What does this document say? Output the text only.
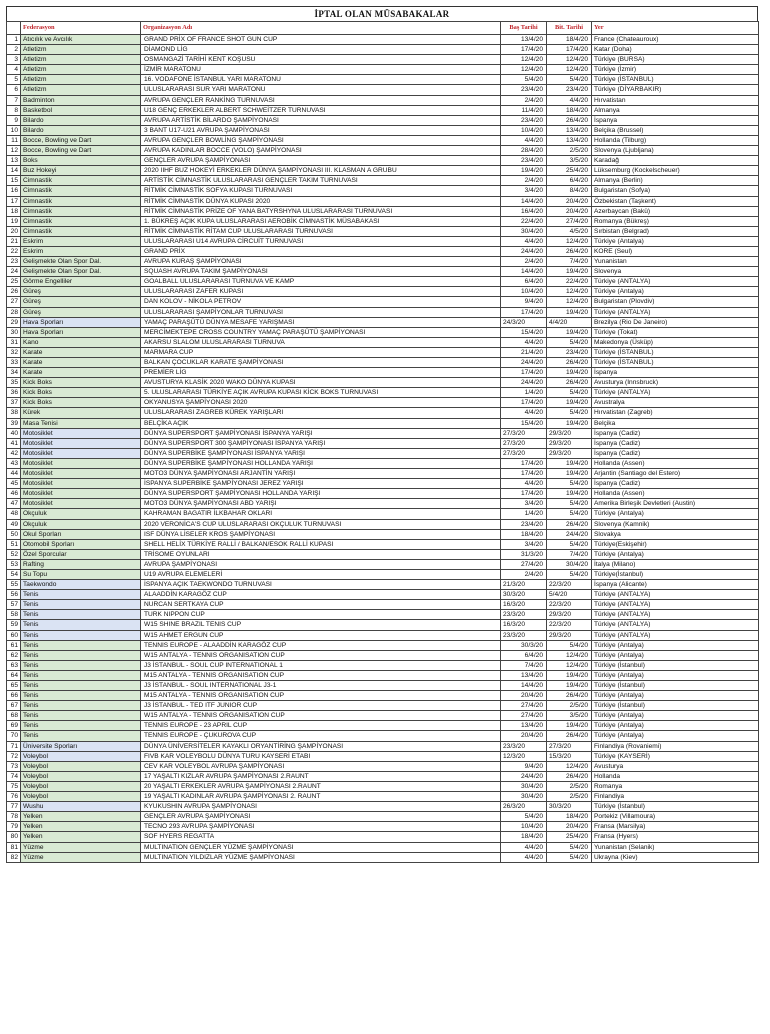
İPTAL OLAN MÜSABAKALAR
	Federasyon	Organizasyon Adı	Baş Tarihi	Bit. Tarihi	Yer
1	Atıcılık ve Avcılık	GRAND PRİX OF FRANCE SHOT GUN CUP	13/4/20	18/4/20	France (Chateauroux)
2	Atletizm	DİAMOND LİG	17/4/20	17/4/20	Katar (Doha)
3	Atletizm	OSMANGAZİ TARİHİ KENT KOŞUSU	12/4/20	12/4/20	Türkiye (BURSA)
4	Atletizm	İZMİR MARATONU	12/4/20	12/4/20	Türkiye (İzmir)
5	Atletizm	16. VODAFONE İSTANBUL YARI MARATONU	5/4/20	5/4/20	Türkiye (İSTANBUL)
6	Atletizm	ULUSLARARASI SUR YARI MARATONU	23/4/20	23/4/20	Türkiye (DİYARBAKIR)
7	Badminton	AVRUPA GENÇLER RANKİNG TURNUVASI	2/4/20	4/4/20	Hırvatistan
8	Basketbol	U18 GENÇ ERKEKLER ALBERT SCHWEİTZER TURNUVASI	11/4/20	18/4/20	Almanya
9	Bilardo	AVRUPA ARTİSTİK BİLARDO ŞAMPİYONASI	23/4/20	26/4/20	İspanya
10	Bilardo	3 BANT U17-U21 AVRUPA ŞAMPİYONASI	10/4/20	13/4/20	Belçika (Brussel)
11	Bocce, Bowling ve Dart	AVRUPA GENÇLER BOWLİNG ŞAMPİYONASI	4/4/20	13/4/20	Hollanda (Tilburg)
12	Bocce, Bowling ve Dart	AVRUPA KADINLAR BOCCE (VOLO) ŞAMPİYONASI	28/4/20	2/5/20	Slovenya (Ljubljana)
13	Boks	GENÇLER AVRUPA ŞAMPİYONASI	23/4/20	3/5/20	Karadağ
14	Buz Hokeyi	2020 IIHF BUZ HOKEYİ ERKEKLER DÜNYA ŞAMPİYONASI III. KLASMAN A GRUBU	19/4/20	25/4/20	Lüksemburg (Kockelscheuer)
15	Cimnastik	ARTİSTİK CİMNASTİK ULUSLARARASI GENÇLER TAKIM TURNUVASI	2/4/20	6/4/20	Almanya (Berlin)
16	Cimnastik	RİTMİK CİMNASTİK SOFYA KUPASI TURNUVASI	3/4/20	8/4/20	Bulgaristan (Sofya)
17	Cimnastik	RİTMİK CİMNASTİK DÜNYA KUPASI 2020	14/4/20	20/4/20	Özbekistan (Taşkent)
18	Cimnastik	RİTMİK CİMNASTİK PRİZE OF YANA BATYRSHYNA ULUSLARARASI TURNUVASI	16/4/20	20/4/20	Azerbaycan (Bakü)
19	Cimnastik	1. BÜKREŞ AÇIK KUPA ULUSLARARASI AEROBİK CİMNASTİK MÜSABAKASI	22/4/20	27/4/20	Romanya (Bükreş)
20	Cimnastik	RİTMİK CİMNASTİK RİTAM CUP ULUSLARARASI TURNUVASI	30/4/20	4/5/20	Sırbistan (Belgrad)
21	Eskrim	ULUSLARARASI U14 AVRUPA CİRCUİT TURNUVASI	4/4/20	12/4/20	Türkiye (Antalya)
22	Eskrim	GRAND PRİX	24/4/20	26/4/20	KORE (Seul)
23	Gelişmekte Olan Spor Dal.	AVRUPA KURAŞ ŞAMPİYONASI	2/4/20	7/4/20	Yunanistan
24	Gelişmekte Olan Spor Dal.	SQUASH AVRUPA TAKIM ŞAMPİYONASI	14/4/20	19/4/20	Slovenya
25	Görme Engelliler	GOALBALL ULUSLARARASI TURNUVA VE KAMP	6/4/20	22/4/20	Türkiye (ANTALYA)
26	Güreş	ULUSLARARASI ZAFER KUPASI	10/4/20	12/4/20	Türkiye (Antalya)
27	Güreş	DAN KOLOV - NİKOLA PETROV	9/4/20	12/4/20	Bulgaristan (Plovdiv)
28	Güreş	ULUSLARARASI ŞAMPİYONLAR TURNUVASI	17/4/20	19/4/20	Türkiye (ANTALYA)
29	Hava Sporları	YAMAÇ PARAŞÜTÜ DÜNYA MESAFE YARIŞMASI	24/3/20	4/4/20	Brezilya (Rio De Janeiro)
30	Hava Sporları	MERCİMEKTEPE CROSS COUNTRY YAMAÇ PARAŞÜTÜ ŞAMPİYONASI	15/4/20	19/4/20	Türkiye (Tokat)
31	Kano	AKARSU SLALOM ULUSLARARASI TURNUVA	4/4/20	5/4/20	Makedonya (Üsküp)
32	Karate	MARMARA CUP	21/4/20	23/4/20	Türkiye (İSTANBUL)
33	Karate	BALKAN ÇOCUKLAR KARATE ŞAMPİYONASI	24/4/20	26/4/20	Türkiye (İSTANBUL)
34	Karate	PREMİER LİG	17/4/20	19/4/20	İspanya
35	Kick Boks	AVUSTURYA KLASİK 2020 WAKO DÜNYA KUPASI	24/4/20	26/4/20	Avusturya (Innsbruck)
36	Kick Boks	5. ULUSLARARASI TÜRKİYE AÇIK AVRUPA KUPASI KİCK BOKS TURNUVASI	1/4/20	5/4/20	Türkiye (ANTALYA)
37	Kick Boks	OKYANUSYA ŞAMPİYONASI 2020	17/4/20	19/4/20	Avustralya
38	Kürek	ULUSLARARASI ZAGREB KÜREK YARIŞLARI	4/4/20	5/4/20	Hırvatistan (Zagreb)
39	Masa Tenisi	BELÇİKA AÇIK	15/4/20	19/4/20	Belçika
40	Motosiklet	DÜNYA SUPERSPORT ŞAMPİYONASI İSPANYA YARIŞI	27/3/20	29/3/20	İspanya (Cadiz)
41	Motosiklet	DÜNYA SUPERSPORT 300 ŞAMPİYONASI İSPANYA YARIŞI	27/3/20	29/3/20	İspanya (Cadiz)
42	Motosiklet	DÜNYA SUPERBİKE ŞAMPİYONASI İSPANYA YARIŞI	27/3/20	29/3/20	İspanya (Cadiz)
43	Motosiklet	DÜNYA SUPERBİKE ŞAMPİYONASI HOLLANDA YARIŞI	17/4/20	19/4/20	Hollanda (Assen)
44	Motosiklet	MOTO3 DÜNYA ŞAMPİYONASI ARJANTİN YARIŞI	17/4/20	19/4/20	Arjantin (Santiago del Estero)
45	Motosiklet	İSPANYA SUPERBİKE ŞAMPİYONASI JEREZ YARIŞI	4/4/20	5/4/20	İspanya (Cadiz)
46	Motosiklet	DÜNYA SUPERSPORT ŞAMPİYONASI HOLLANDA YARIŞI	17/4/20	19/4/20	Hollanda (Assen)
47	Motosiklet	MOTO3 DÜNYA ŞAMPİYONASI ABD YARIŞI	3/4/20	5/4/20	Amerika Birleşik Devletleri (Austin)
48	Okçuluk	KAHRAMAN BAGATIR İLKBAHAR OKLARI	1/4/20	5/4/20	Türkiye (Antalya)
49	Okçuluk	2020 VERONİCA'S CUP ULUSLARARASI OKÇULUK TURNUVASI	23/4/20	26/4/20	Slovenya (Kamnik)
50	Okul Sporları	ISF DÜNYA LİSELER KROS ŞAMPİYONASI	18/4/20	24/4/20	Slovakya
51	Otomobil Sporları	SHELL HELİX TÜRKİYE RALLİ / BALKAN/ESOK RALLİ KUPASI	3/4/20	5/4/20	Türkiye(Eskişehir)
52	Özel Sporcular	TRİSOME OYUNLARI	31/3/20	7/4/20	Türkiye (Antalya)
53	Rafting	AVRUPA ŞAMPİYONASI	27/4/20	30/4/20	İtalya (Milano)
54	Su Topu	U19 AVRUPA ELEMELERİ	2/4/20	5/4/20	Türkiye(İstanbul)
55	Taekwondo	İSPANYA AÇIK TAEKWONDO TURNUVASI	21/3/20	22/3/20	İspanya (Alicante)
56	Tenis	ALAADDİN KARAGÖZ CUP	30/3/20	5/4/20	Türkiye (ANTALYA)
57	Tenis	NURCAN SERTKAYA CUP	16/3/20	22/3/20	Türkiye (ANTALYA)
58	Tenis	TURK NIPPON CUP	23/3/20	29/3/20	Türkiye (ANTALYA)
59	Tenis	W15 SHINE BRAZIL TENIS CUP	16/3/20	22/3/20	Türkiye (ANTALYA)
60	Tenis	W15 AHMET ERGUN CUP	23/3/20	29/3/20	Türkiye (ANTALYA)
61	Tenis	TENNIS EUROPE - ALAADDİN KARAGÖZ CUP	30/3/20	5/4/20	Türkiye (Antalya)
62	Tenis	W15 ANTALYA - TENNIS ORGANISATION CUP	6/4/20	12/4/20	Türkiye (Antalya)
63	Tenis	J3 İSTANBUL - SOUL CUP INTERNATIONAL 1	7/4/20	12/4/20	Türkiye (İstanbul)
64	Tenis	M15 ANTALYA - TENNIS ORGANISATION CUP	13/4/20	19/4/20	Türkiye (Antalya)
65	Tenis	J3 İSTANBUL - SOUL INTERNATIONAL J3-1	14/4/20	19/4/20	Türkiye (İstanbul)
66	Tenis	M15 ANTALYA - TENNIS ORGANISATION CUP	20/4/20	26/4/20	Türkiye (Antalya)
67	Tenis	J3 İSTANBUL - TED ITF JUNIOR CUP	27/4/20	2/5/20	Türkiye (İstanbul)
68	Tenis	W15 ANTALYA - TENNIS ORGANISATION CUP	27/4/20	3/5/20	Türkiye (Antalya)
69	Tenis	TENNIS EUROPE - 23 APRIL CUP	13/4/20	19/4/20	Türkiye (Antalya)
70	Tenis	TENNIS EUROPE - ÇUKUROVA CUP	20/4/20	26/4/20	Türkiye (Antalya)
71	Üniversite Sporları	DÜNYA ÜNİVERSİTELER KAYAKLI ORYANTİRİNG ŞAMPİYONASI	23/3/20	27/3/20	Finlandiya (Rovaniemi)
72	Voleybol	FIVB KAR VOLEYBOLU DÜNYA TURU KAYSERİ ETABI	12/3/20	15/3/20	Türkiye (KAYSERİ)
73	Voleybol	CEV KAR VOLEYBOL AVRUPA ŞAMPİYONASI	9/4/20	12/4/20	Avusturya
74	Voleybol	17 YAŞALTI KIZLAR AVRUPA ŞAMPİYONASI 2.RAUNT	24/4/20	26/4/20	Hollanda
75	Voleybol	20 YAŞALTI ERKEKLER AVRUPA ŞAMPİYONASI 2.RAUNT	30/4/20	2/5/20	Romanya
76	Voleybol	19 YAŞALTI KADINLAR AVRUPA ŞAMPİYONASI 2. RAUNT	30/4/20	2/5/20	Finlandiya
77	Wushu	KYUKUSHIN AVRUPA ŞAMPİYONASI	26/3/20	30/3/20	Türkiye (İstanbul)
78	Yelken	GENÇLER AVRUPA ŞAMPİYONASI	5/4/20	18/4/20	Portekiz (Villamoura)
79	Yelken	TECNO 293 AVRUPA ŞAMPİYONASI	10/4/20	20/4/20	Fransa (Marsilya)
80	Yelken	SOF HYERS REGATTA	18/4/20	25/4/20	Fransa (Hyers)
81	Yüzme	MULTINATION GENÇLER YÜZME ŞAMPİYONASI	4/4/20	5/4/20	Yunanistan (Selanik)
82	Yüzme	MULTINATION YILDIZLAR YÜZME ŞAMPİYONASI	4/4/20	5/4/20	Ukrayna (Kiev)
